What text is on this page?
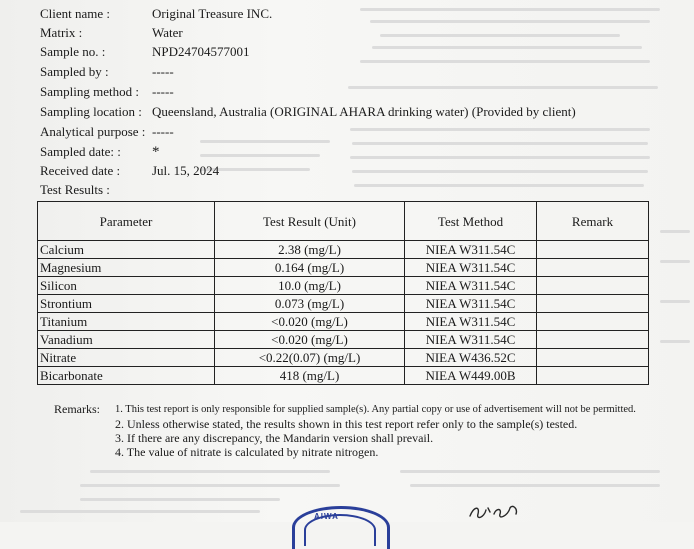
Client name :	Original Treasure INC.
Matrix :	Water
Sample no. :	NPD24704577001
Sampled by :	-----
Sampling method : -----
Sampling location : Queensland, Australia (ORIGINAL AHARA drinking water) (Provided by client)
Analytical purpose : -----
Sampled date: : *
Received date : Jul. 15, 2024
Test Results :
Parameter	Test Result (Unit)	Test Method	Remark
Calcium	2.38 (mg/L)	NIEA W311.54C	
Magnesium	0.164 (mg/L)	NIEA W311.54C	
Silicon	10.0 (mg/L)	NIEA W311.54C	
Strontium	0.073 (mg/L)	NIEA W311.54C	
Titanium	<0.020 (mg/L)	NIEA W311.54C	
Vanadium	<0.020 (mg/L)	NIEA W311.54C	
Nitrate	<0.22(0.07) (mg/L)	NIEA W436.52C	
Bicarbonate	418 (mg/L)	NIEA W449.00B	
Remarks: 1. This test report is only responsible for supplied sample(s). Any partial copy or use of advertisement will not be permitted.
2. Unless otherwise stated, the results shown in this test report refer only to the sample(s) tested.
3. If there are any discrepancy, the Mandarin version shall prevail.
4. The value of nitrate is calculated by nitrate nitrogen.
AIWA
